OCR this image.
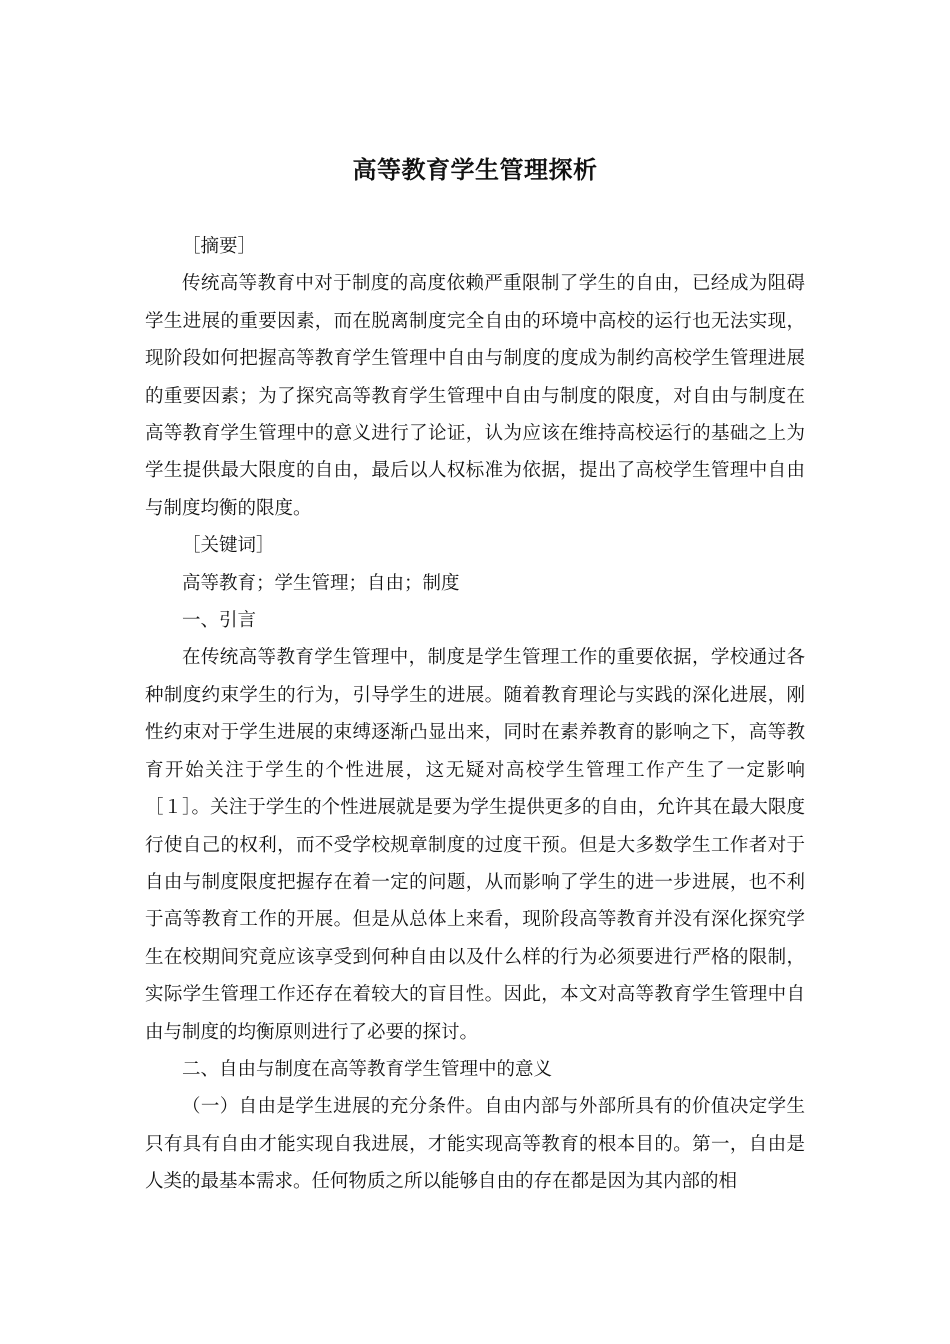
高等教育学生管理探析

［摘要］

传统高等教育中对于制度的高度依赖严重限制了学生的自由，已经成为阻碍学生进展的重要因素，而在脱离制度完全自由的环境中高校的运行也无法实现，现阶段如何把握高等教育学生管理中自由与制度的度成为制约高校学生管理进展的重要因素；为了探究高等教育学生管理中自由与制度的限度，对自由与制度在高等教育学生管理中的意义进行了论证，认为应该在维持高校运行的基础之上为学生提供最大限度的自由，最后以人权标准为依据，提出了高校学生管理中自由与制度均衡的限度。

［关键词］

高等教育；学生管理；自由；制度

一、引言

在传统高等教育学生管理中，制度是学生管理工作的重要依据，学校通过各种制度约束学生的行为，引导学生的进展。随着教育理论与实践的深化进展，刚性约束对于学生进展的束缚逐渐凸显出来，同时在素养教育的影响之下，高等教育开始关注于学生的个性进展，这无疑对高校学生管理工作产生了一定影响［１］。关注于学生的个性进展就是要为学生提供更多的自由，允许其在最大限度行使自己的权利，而不受学校规章制度的过度干预。但是大多数学生工作者对于自由与制度限度把握存在着一定的问题，从而影响了学生的进一步进展，也不利于高等教育工作的开展。但是从总体上来看，现阶段高等教育并没有深化探究学生在校期间究竟应该享受到何种自由以及什么样的行为必须要进行严格的限制，实际学生管理工作还存在着较大的盲目性。因此，本文对高等教育学生管理中自由与制度的均衡原则进行了必要的探讨。

二、自由与制度在高等教育学生管理中的意义

（一）自由是学生进展的充分条件。自由内部与外部所具有的价值决定学生只有具有自由才能实现自我进展，才能实现高等教育的根本目的。第一，自由是人类的最基本需求。任何物质之所以能够自由的存在都是因为其内部的相
